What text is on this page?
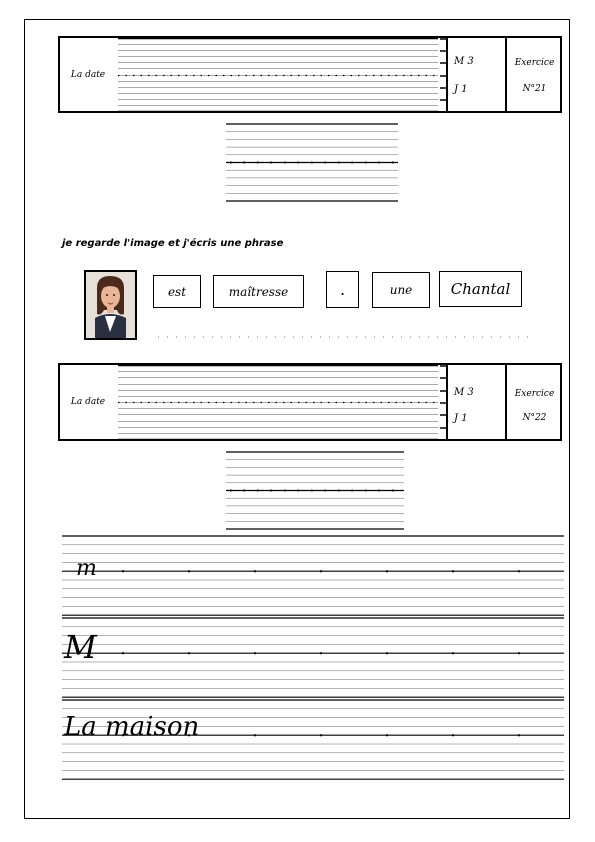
La date
M 3
J 1
Exercice
N°21
je regarde l'image et j'écris une phrase
est	maîtresse	.	une	Chantal
La date
M 3
J 1
Exercice
N°22
m
M
La maison
